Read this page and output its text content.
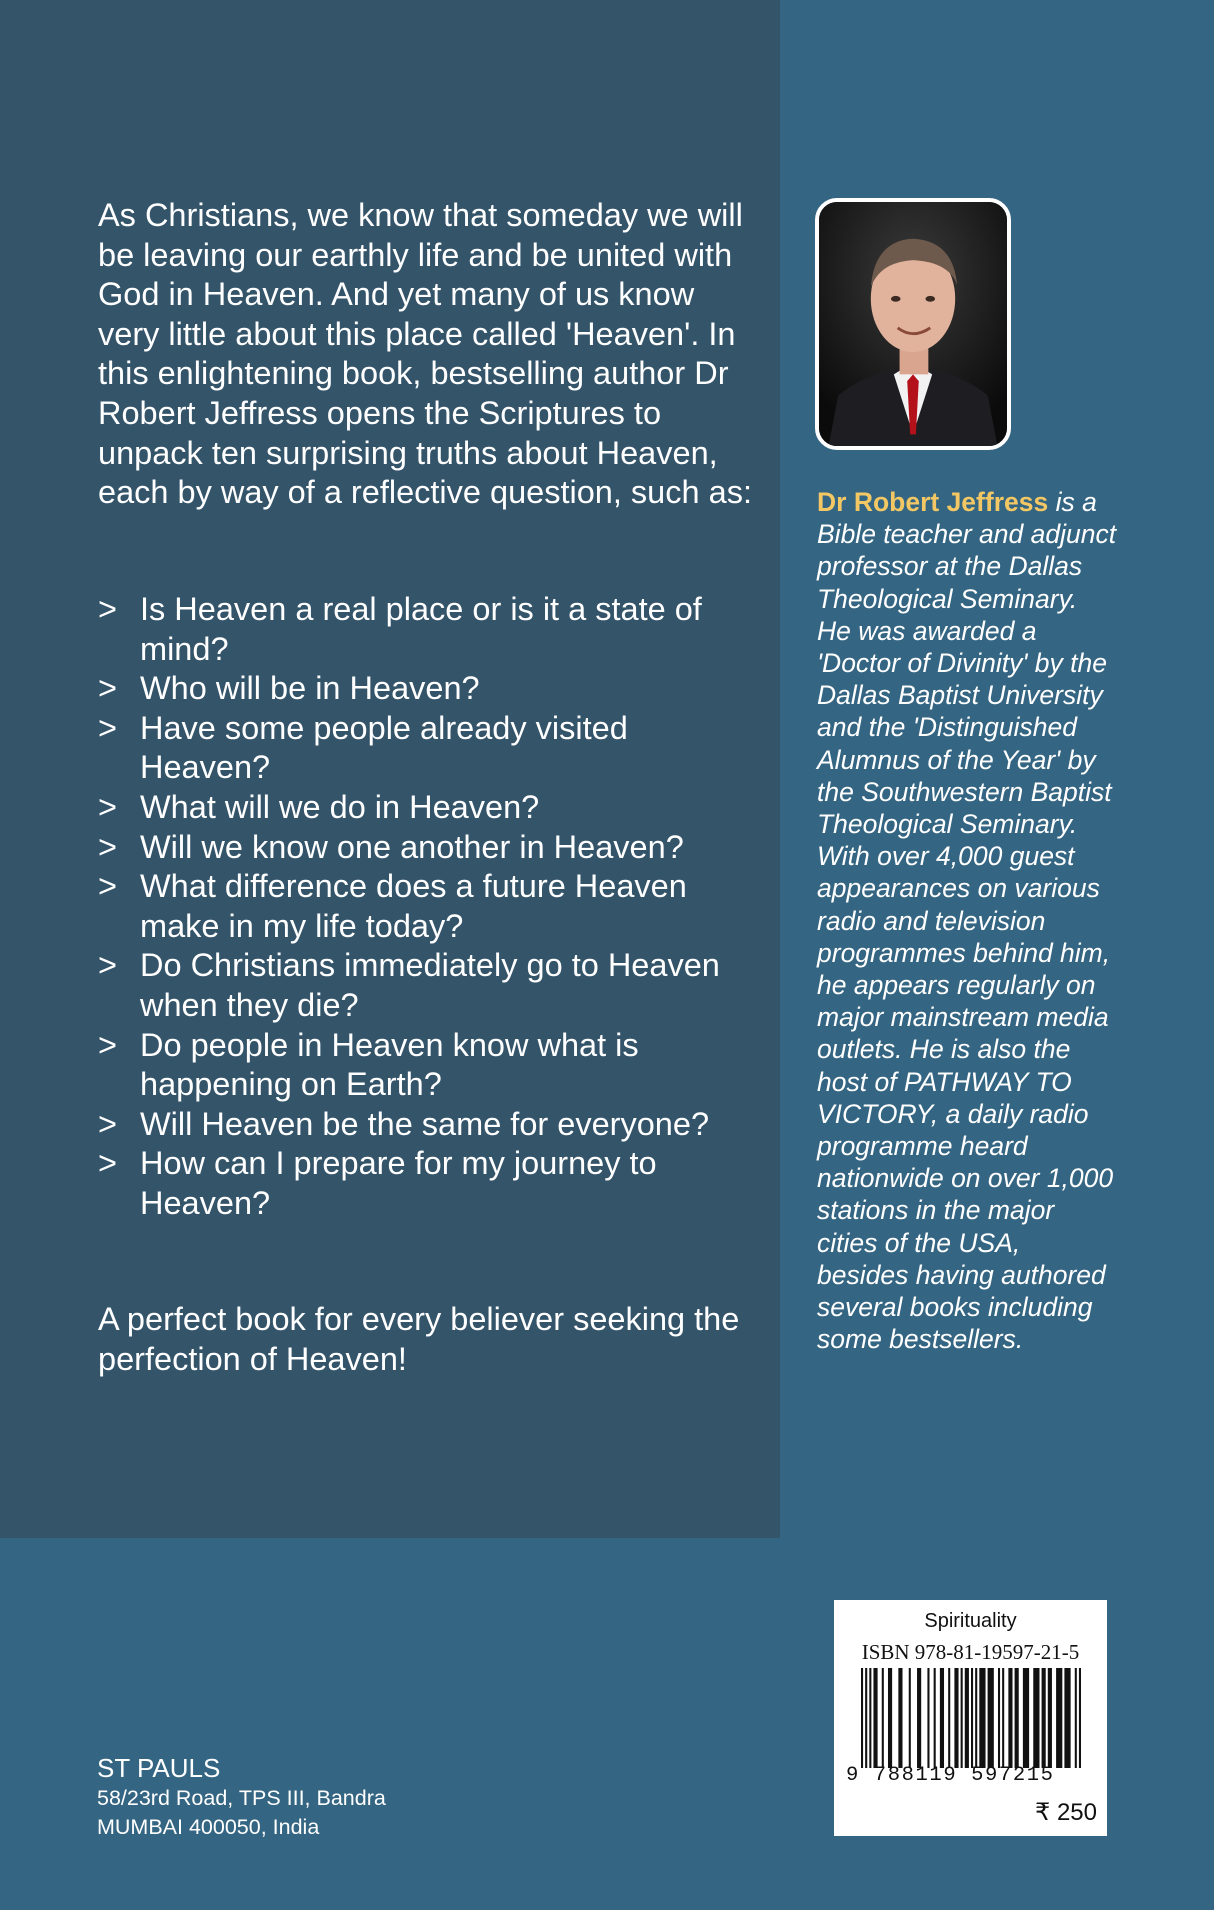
As Christians, we know that someday we will be leaving our earthly life and be united with God in Heaven. And yet many of us know very little about this place called 'Heaven'. In this enlightening book, bestselling author Dr Robert Jeffress opens the Scriptures to unpack ten surprising truths about Heaven, each by way of a reflective question, such as:

> Is Heaven a real place or is it a state of mind?
> Who will be in Heaven?
> Have some people already visited Heaven?
> What will we do in Heaven?
> Will we know one another in Heaven?
> What difference does a future Heaven make in my life today?
> Do Christians immediately go to Heaven when they die?
> Do people in Heaven know what is happening on Earth?
> Will Heaven be the same for everyone?
> How can I prepare for my journey to Heaven?

A perfect book for every believer seeking the perfection of Heaven!

Dr Robert Jeffress is a Bible teacher and adjunct professor at the Dallas Theological Seminary. He was awarded a 'Doctor of Divinity' by the Dallas Baptist University and the 'Distinguished Alumnus of the Year' by the Southwestern Baptist Theological Seminary. With over 4,000 guest appearances on various radio and television programmes behind him, he appears regularly on major mainstream media outlets. He is also the host of PATHWAY TO VICTORY, a daily radio programme heard nationwide on over 1,000 stations in the major cities of the USA, besides having authored several books including some bestsellers.

Spirituality
ISBN 978-81-19597-21-5
9 788119 597215
₹ 250
ST PAULS
58/23rd Road, TPS III, Bandra
MUMBAI 400050, India
